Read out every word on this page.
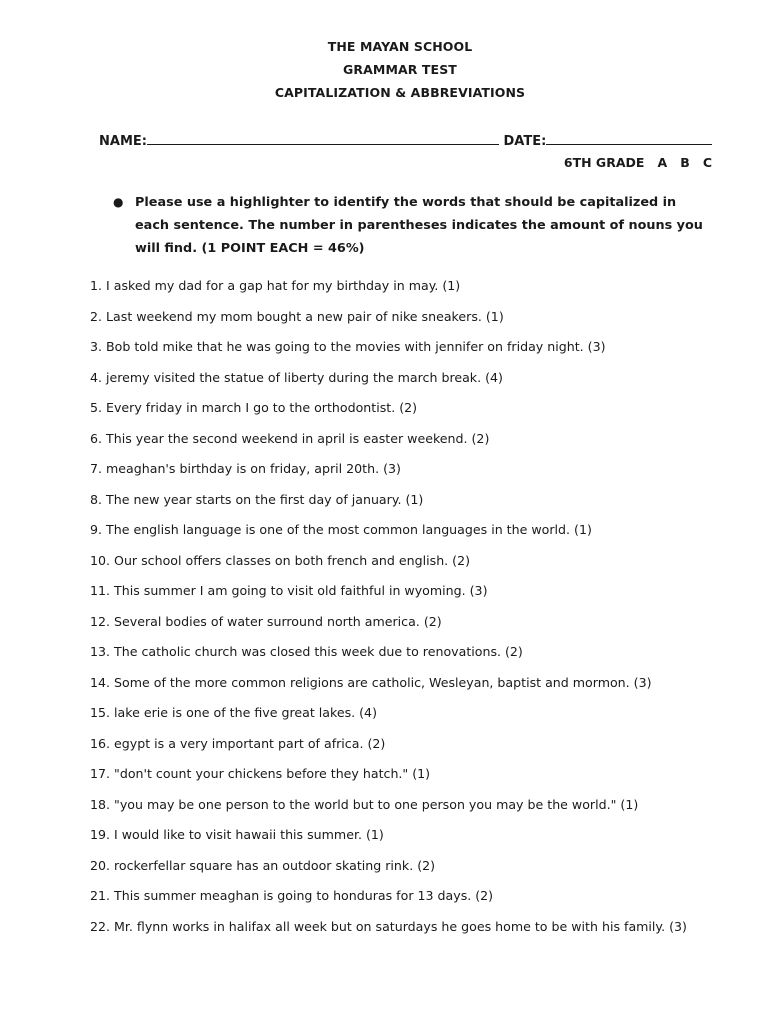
THE MAYAN SCHOOL
GRAMMAR TEST
CAPITALIZATION & ABBREVIATIONS
NAME:	DATE:
6TH GRADE A B C
● Please use a highlighter to identify the words that should be capitalized in each sentence. The number in parentheses indicates the amount of nouns you will find. (1 POINT EACH = 46%)
1. I asked my dad for a gap hat for my birthday in may. (1)
2. Last weekend my mom bought a new pair of nike sneakers. (1)
3. Bob told mike that he was going to the movies with jennifer on friday night. (3)
4. jeremy visited the statue of liberty during the march break. (4)
5. Every friday in march I go to the orthodontist. (2)
6. This year the second weekend in april is easter weekend. (2)
7. meaghan's birthday is on friday, april 20th. (3)
8. The new year starts on the first day of january. (1)
9. The english language is one of the most common languages in the world. (1)
10. Our school offers classes on both french and english. (2)
11. This summer I am going to visit old faithful in wyoming. (3)
12. Several bodies of water surround north america. (2)
13. The catholic church was closed this week due to renovations. (2)
14. Some of the more common religions are catholic, Wesleyan, baptist and mormon. (3)
15. lake erie is one of the five great lakes. (4)
16. egypt is a very important part of africa. (2)
17. "don't count your chickens before they hatch." (1)
18. "you may be one person to the world but to one person you may be the world." (1)
19. I would like to visit hawaii this summer. (1)
20. rockerfellar square has an outdoor skating rink. (2)
21. This summer meaghan is going to honduras for 13 days. (2)
22. Mr. flynn works in halifax all week but on saturdays he goes home to be with his family. (3)
